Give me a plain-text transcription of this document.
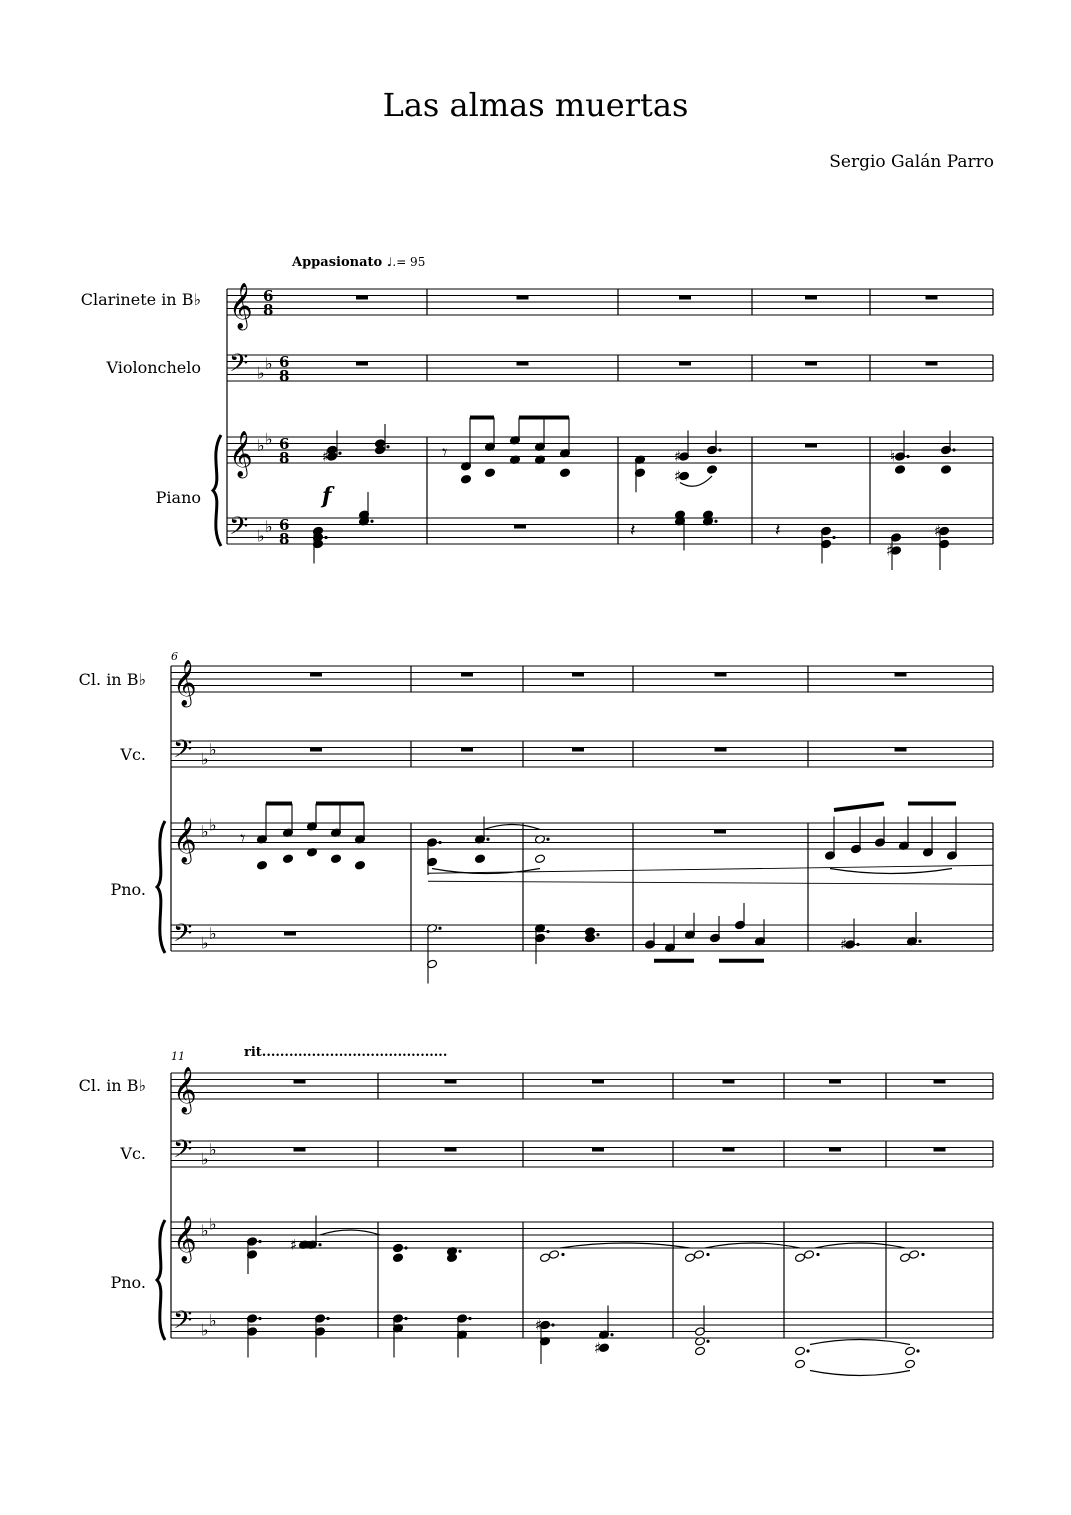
Las almas muertas
Sergio Galán Parro
Appasionato ♩.= 95
rit.........................................
Clarinete in B♭
Violonchelo
Piano
Cl. in B♭
Vc.
Pno.
Cl. in B♭
Vc.
Pno.
6
11
𝄞
𝄢
𝄞
𝄢
♭
♭
♭ ♭
♭
♭
6
8
6
8
6
8
6
8
𝄞
𝄢
𝄞
𝄢
♭
♭
♭ ♭
♭
♭
𝄞
𝄢
𝄞
𝄢
♭
♭
♭ ♭
♭
♭
♯
f
𝄾	♯
♯
𝄽	𝄽
♮
♯
♯
𝄾
♯
♯
♯
♯
